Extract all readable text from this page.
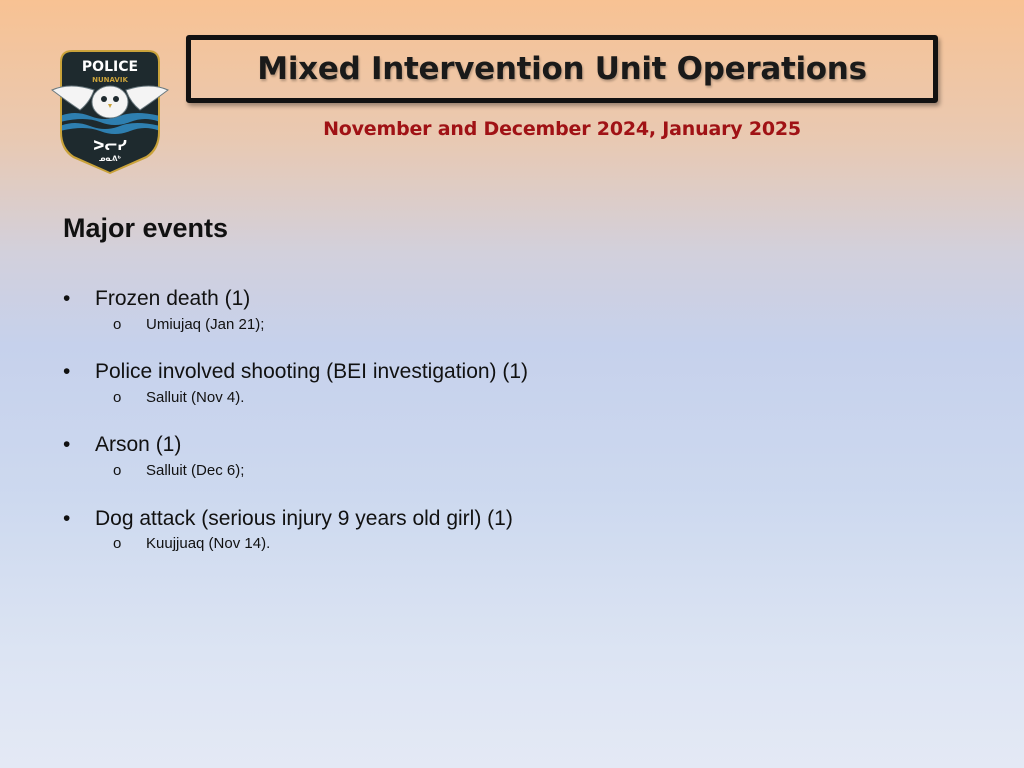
POLICE
NUNAVIK
ᐳᓕᓯ
ᓄᓇᕕᒃ
Mixed Intervention Unit Operations
November and December 2024, January 2025
Major events
• Frozen death (1)
o Umiujaq (Jan 21);
• Police involved shooting (BEI investigation) (1)
o Salluit (Nov 4).
• Arson (1)
o Salluit (Dec 6);
• Dog attack (serious injury 9 years old girl) (1)
o Kuujjuaq (Nov 14).
